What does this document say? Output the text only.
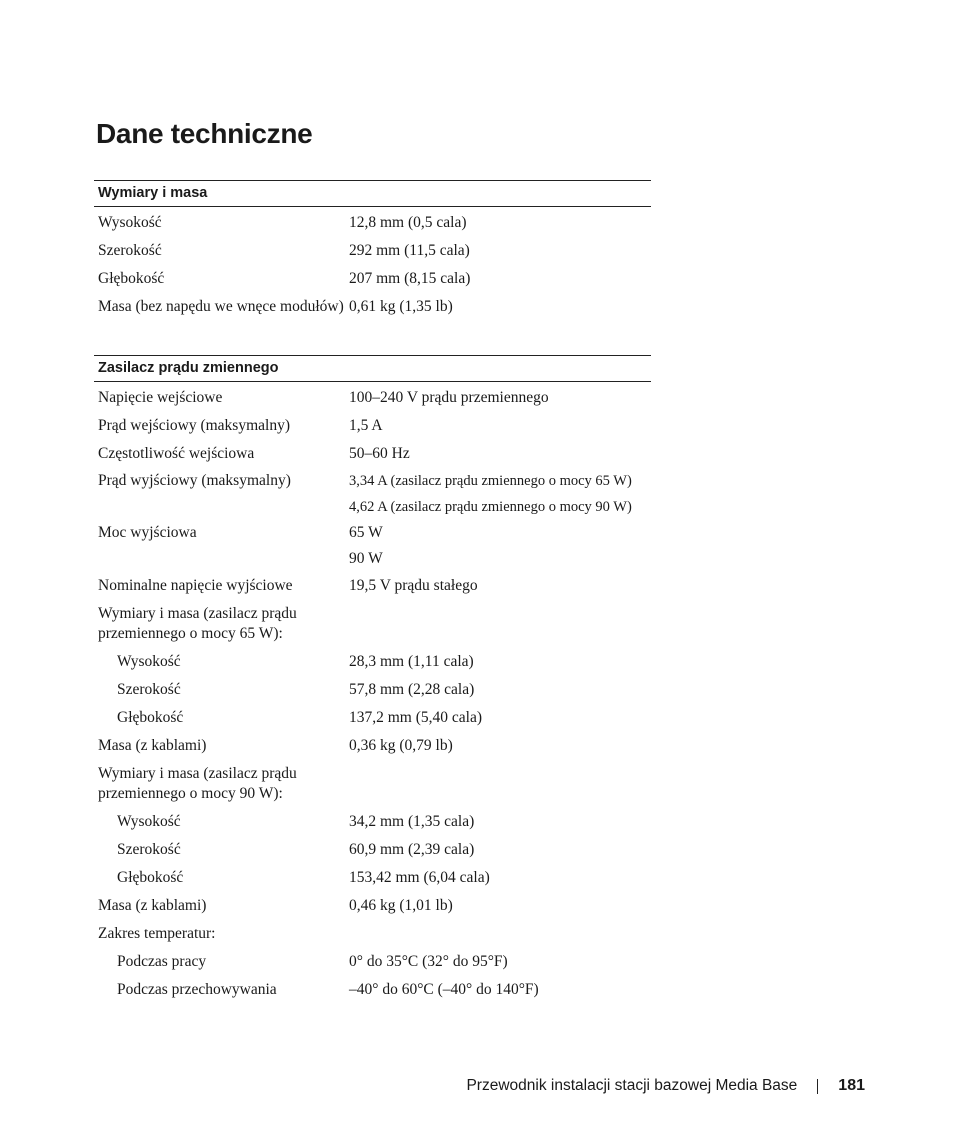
Dane techniczne
Wymiary i masa
Wysokość	12,8 mm (0,5 cala)
Szerokość	292 mm (11,5 cala)
Głębokość	207 mm (8,15 cala)
Masa (bez napędu we wnęce modułów) 0,61 kg (1,35 lb)
Zasilacz prądu zmiennego
Napięcie wejściowe	100–240 V prądu przemiennego
Prąd wejściowy (maksymalny)	1,5 A
Częstotliwość wejściowa	50–60 Hz
Prąd wyjściowy (maksymalny)	3,34 A (zasilacz prądu zmiennego o mocy 65 W)
4,62 A (zasilacz prądu zmiennego o mocy 90 W)
Moc wyjściowa	65 W
90 W
Nominalne napięcie wyjściowe	19,5 V prądu stałego
Wymiary i masa (zasilacz prądu przemiennego o mocy 65 W):
Wysokość	28,3 mm (1,11 cala)
Szerokość	57,8 mm (2,28 cala)
Głębokość	137,2 mm (5,40 cala)
Masa (z kablami)	0,36 kg (0,79 lb)
Wymiary i masa (zasilacz prądu przemiennego o mocy 90 W):
Wysokość	34,2 mm (1,35 cala)
Szerokość	60,9 mm (2,39 cala)
Głębokość	153,42 mm (6,04 cala)
Masa (z kablami)	0,46 kg (1,01 lb)
Zakres temperatur:
Podczas pracy	0° do 35°C (32° do 95°F)
Podczas przechowywania	–40° do 60°C (–40° do 140°F)
Przewodnik instalacji stacji bazowej Media Base	181
